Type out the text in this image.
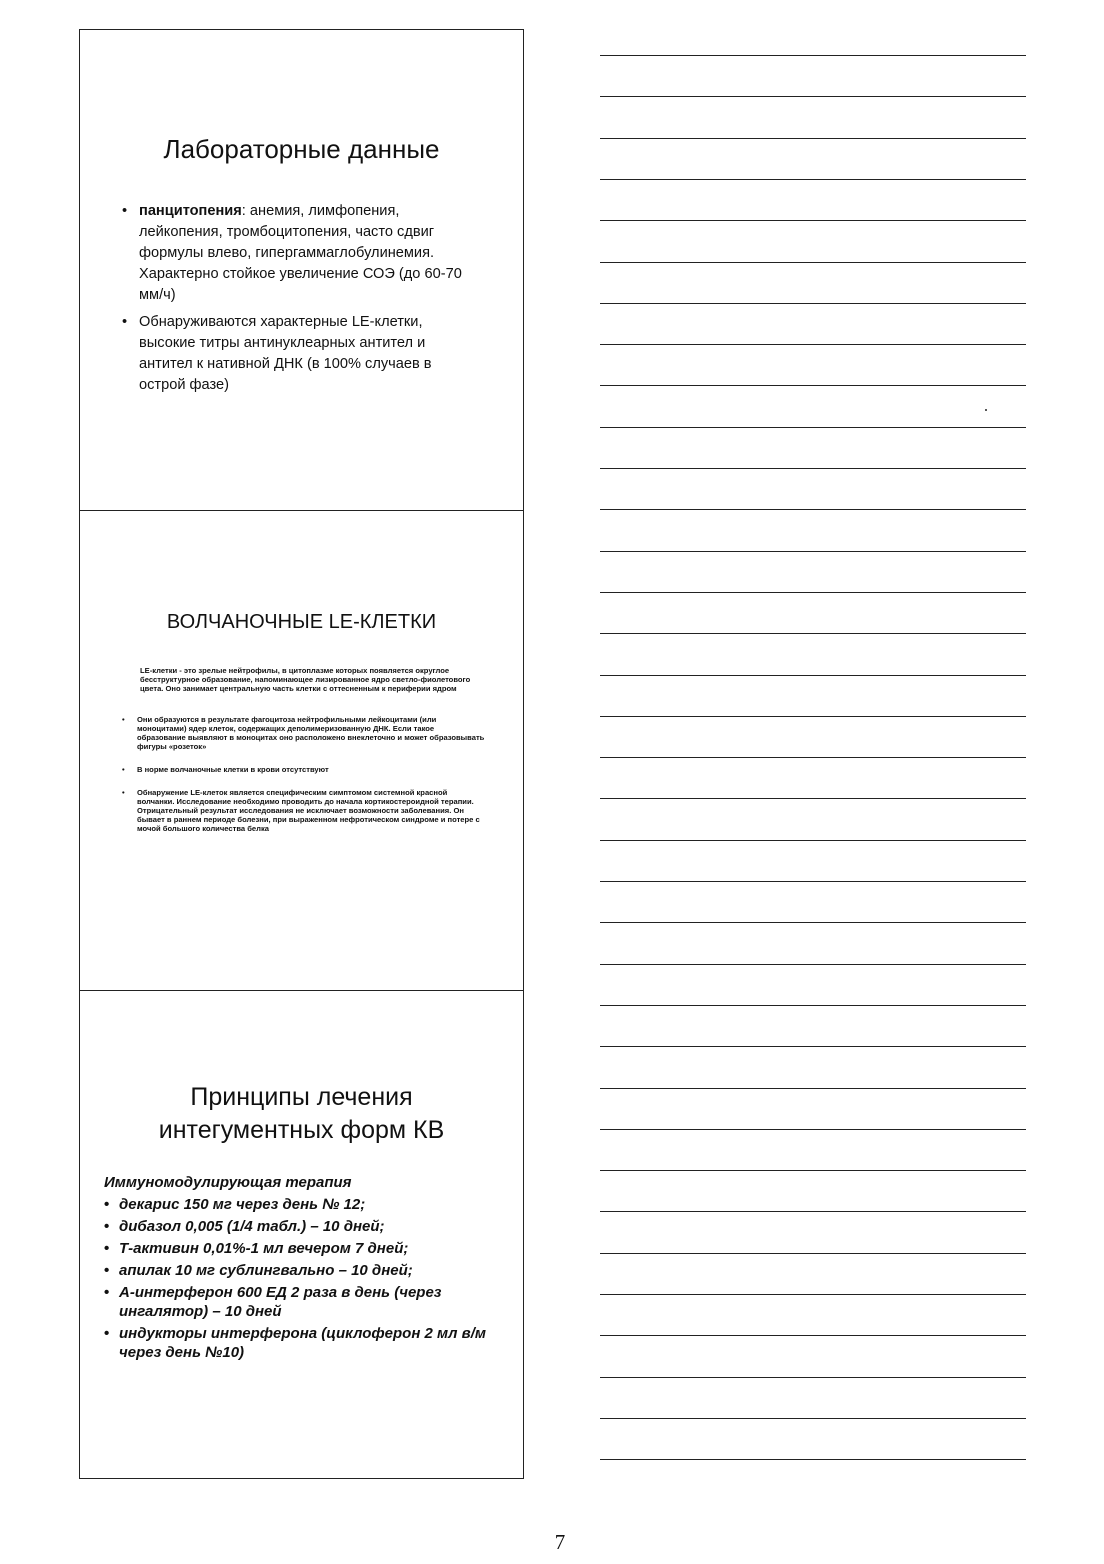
Лабораторные данные
• панцитопения: анемия, лимфопения, лейкопения, тромбоцитопения, часто сдвиг формулы влево, гипергаммаглобулинемия. Характерно стойкое увеличение СОЭ (до 60-70 мм/ч)
• Обнаруживаются характерные LE-клетки, высокие титры антинуклеарных антител и антител к нативной ДНК (в 100% случаев в острой фазе)
ВОЛЧАНОЧНЫЕ LE-КЛЕТКИ

LE-клетки - это зрелые нейтрофилы, в цитоплазме которых появляется округлое бесструктурное образование, напоминающее лизированное ядро светло-фиолетового цвета. Оно занимает центральную часть клетки с оттесненным к периферии ядром

• Они образуются в результате фагоцитоза нейтрофильными лейкоцитами (или моноцитами) ядер клеток, содержащих деполимеризованную ДНК. Если такое образование выявляют в моноцитах оно расположено внеклеточно и может образовывать фигуры «розеток»
• В норме волчаночные клетки в крови отсутствуют
• Обнаружение LE-клеток является специфическим симптомом системной красной волчанки. Исследование необходимо проводить до начала кортикостероидной терапии. Отрицательный результат исследования не исключает возможности заболевания. Он бывает в раннем периоде болезни, при выраженном нефротическом синдроме и потере с мочой большого количества белка
Принципы лечения
интегументных форм КВ
Иммуномодулирующая терапия
• декарис 150 мг через день № 12;
• дибазол 0,005 (1/4 табл.) – 10 дней;
• Т-активин 0,01%-1 мл вечером 7 дней;
• апилак 10 мг сублингвально – 10 дней;
• А-интерферон 600 ЕД 2 раза в день (через ингалятор) – 10 дней
• индукторы интерферона (циклоферон 2 мл в/м через день №10)
7
